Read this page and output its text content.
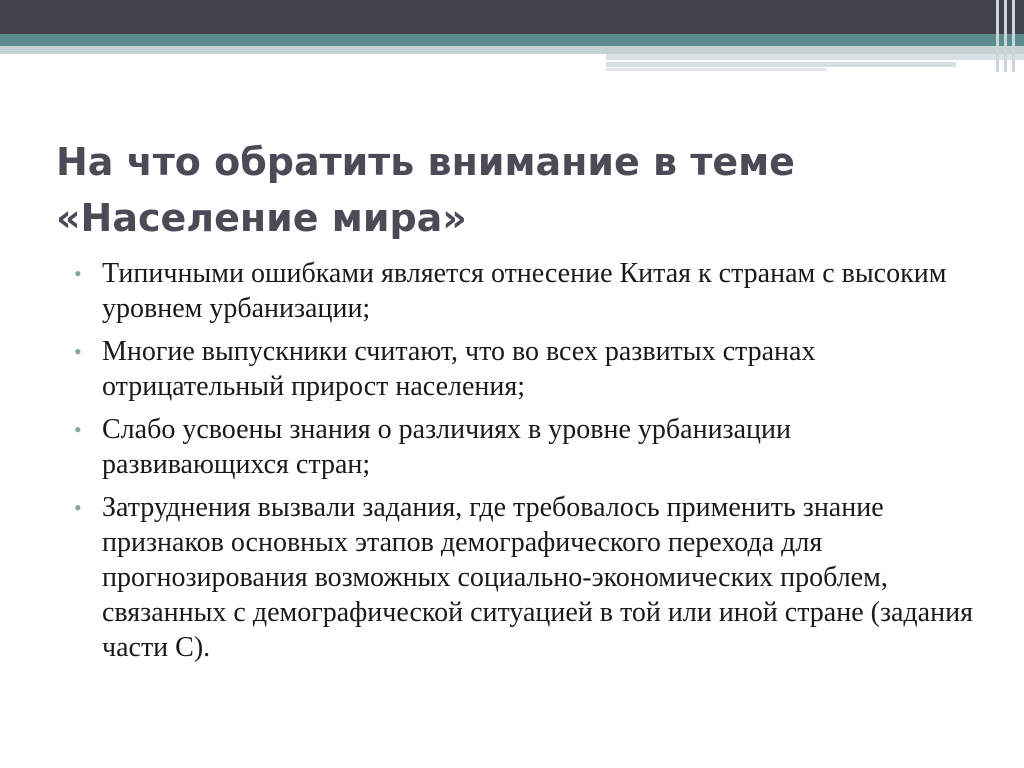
На что обратить внимание в теме
«Население мира»
• Типичными ошибками является отнесение Китая к странам с высоким уровнем урбанизации;
• Многие выпускники считают, что во всех развитых странах отрицательный прирост населения;
• Слабо усвоены знания о различиях в уровне урбанизации развивающихся стран;
• Затруднения вызвали задания, где требовалось применить знание признаков основных этапов демографического перехода для прогнозирования возможных социально-экономических проблем, связанных с демографической ситуацией в той или иной стране (задания части С).
